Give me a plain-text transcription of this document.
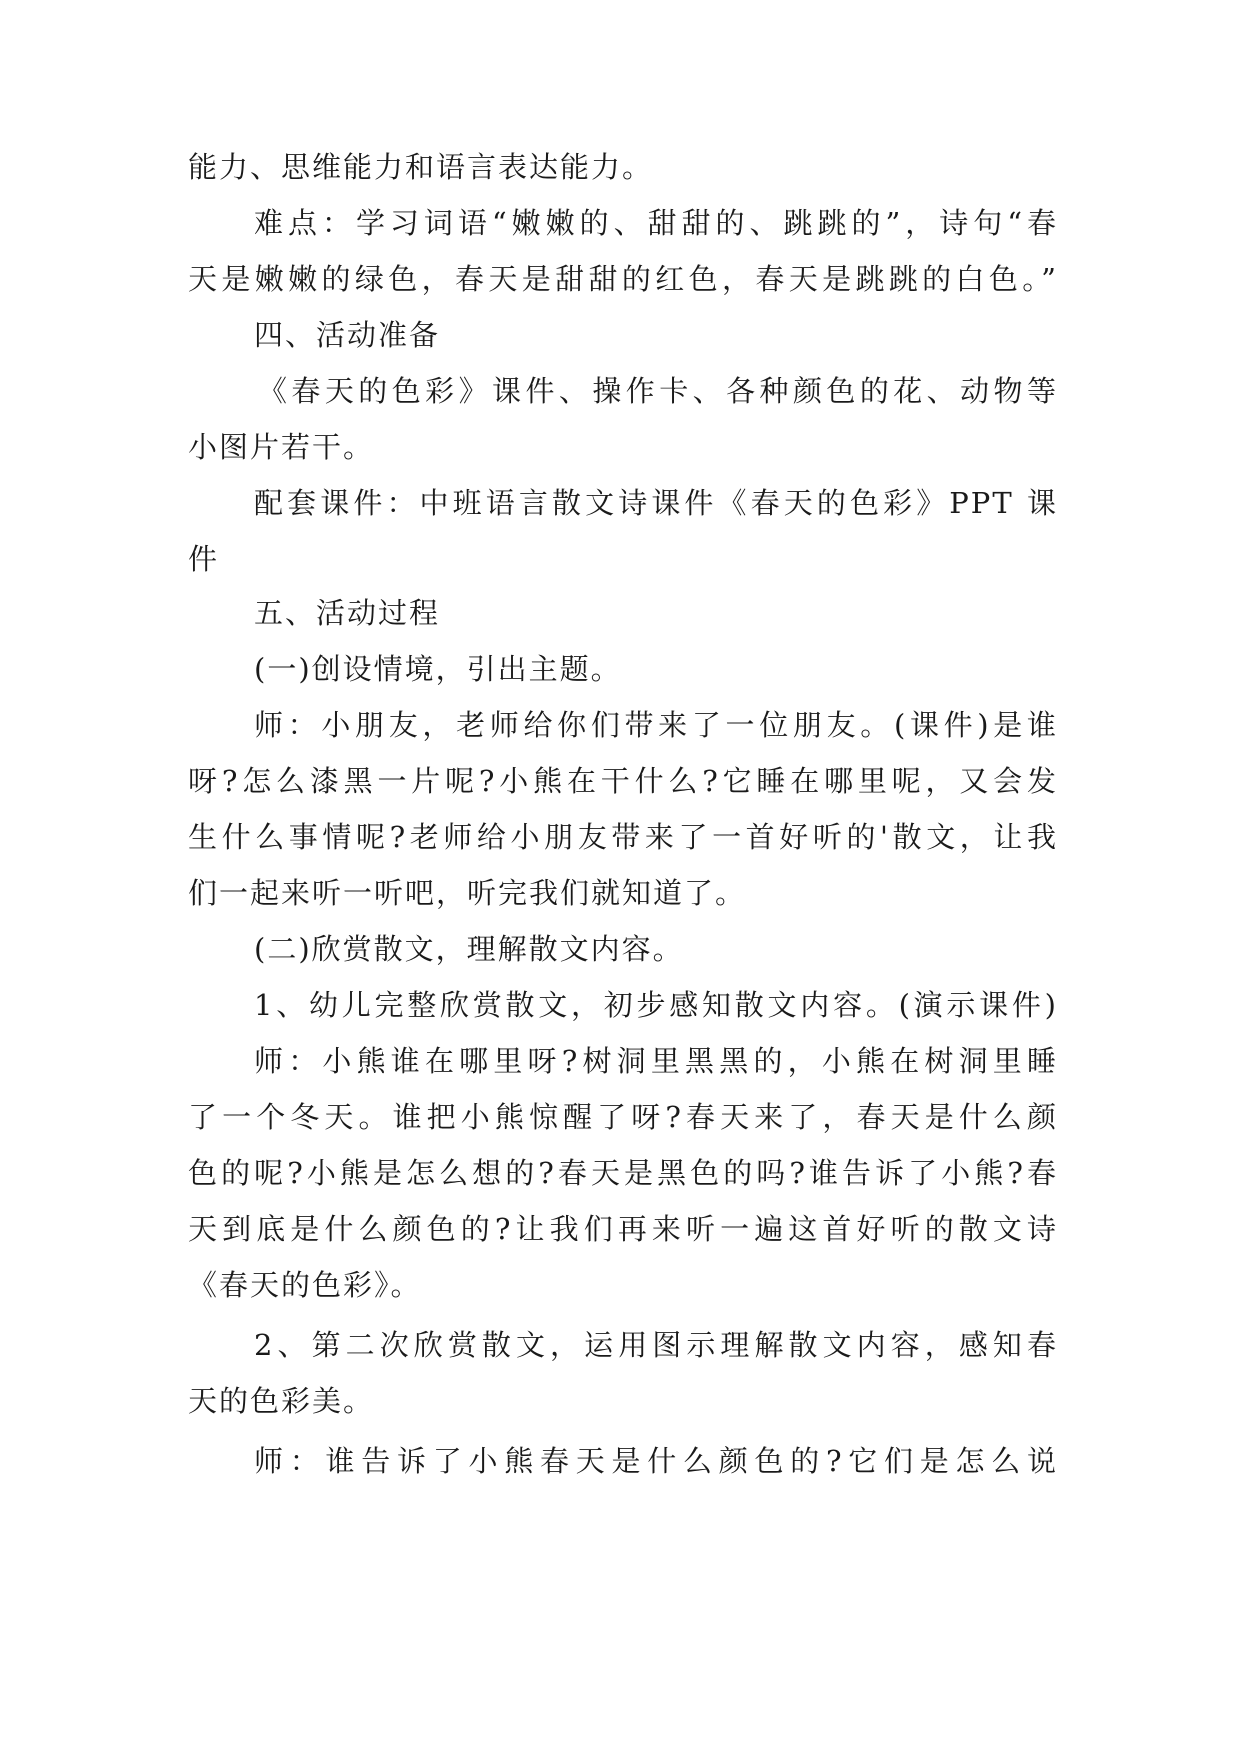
能力、思维能力和语言表达能力。
难点：学习词语“嫩嫩的、甜甜的、跳跳的”，诗句“春
天是嫩嫩的绿色，春天是甜甜的红色，春天是跳跳的白色。”
四、活动准备
《春天的色彩》课件、操作卡、各种颜色的花、动物等
小图片若干。
配套课件：中班语言散文诗课件《春天的色彩》PPT 课
件
五、活动过程
(一)创设情境，引出主题。
师：小朋友，老师给你们带来了一位朋友。(课件)是谁
呀?怎么漆黑一片呢?小熊在干什么?它睡在哪里呢，又会发
生什么事情呢?老师给小朋友带来了一首好听的'散文，让我
们一起来听一听吧，听完我们就知道了。
(二)欣赏散文，理解散文内容。
1、幼儿完整欣赏散文，初步感知散文内容。(演示课件)
师：小熊谁在哪里呀?树洞里黑黑的，小熊在树洞里睡
了一个冬天。谁把小熊惊醒了呀?春天来了，春天是什么颜
色的呢?小熊是怎么想的?春天是黑色的吗?谁告诉了小熊?春
天到底是什么颜色的?让我们再来听一遍这首好听的散文诗
《春天的色彩》。
2、第二次欣赏散文，运用图示理解散文内容，感知春
天的色彩美。
师：谁告诉了小熊春天是什么颜色的?它们是怎么说
